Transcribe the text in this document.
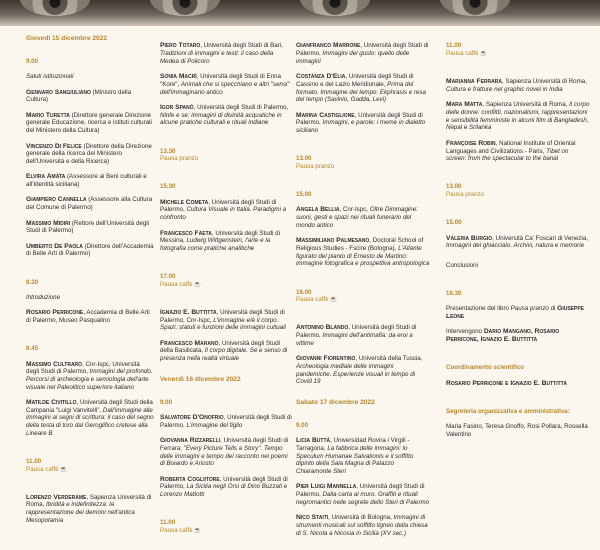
Giovedì 15 dicembre 2022

9.00

Saluti istituzionali

Gennaro Sangiuliano (Ministro della Cultura)

Mario Turetta (Direttore generale Direzione generale Educazione, ricerca e istituti culturali del Ministero della Cultura)

Vincenzo Di Felice (Direttore della Direzione generale della ricerca del Ministero dell'Università e della Ricerca)

Elvira Amata (Assessore ai Beni culturali e all'Identità siciliana)

Giampiero Cannella (Assessore alla Cultura del Comune di Palermo)

Massimo Midiri (Rettore dell'Università degli Studi di Palermo)

Umberto De Paola (Direttore dell'Accademia di Belle Arti di Palermo)

9.30

Introduzione

Rosario Perricone, Accademia di Belle Arti di Palermo, Museo Pasqualino

9.45

Massimo Cultraro, Cnr-Ispc, Università degli Studi di Palermo, Immagini del profondo. Percorsi di archeologia e semiologia dell'arte visuale nel Paleolitico superiore italiano

Matilde Civitillo, Università degli Studi della Campania "Luigi Vanvitelli", Dall'immagine alle immagini ai segni di scrittura: il caso del segno della testa di toro dal Geroglifico cretese alla Lineare B

11.00
Pausa caffè☕

Lorenzo Verderame, Sapienza Università di Roma, Ibridità e indefinitezza: la rappresentazione dei demoni nell'antica Mesopotamia

Piero Totaro, Università degli Studi di Bari, Tradizioni di immagini e testi: il caso della Medea di Policoro

Sonia Macrì, Università degli Studi di Enna "Kore", Animali che si specchiano e altri "sensi" dell'immaginario antico

Igor Spanò, Università degli Studi di Palermo, Ninfe e se: immagini di divinità acquatiche in alcune pratiche culturali e rituali indiane

13.30
Pausa pranzo

15.30

Michele Cometa, Università degli Studi di Palermo, Cultura Visuale in Italia. Paradigmi a confronto

Francesco Faeta, Università degli Studi di Messina, Ludwig Wittgenstein, l'arte e la fotografia come pratiche analitiche

17.00
Pausa caffè☕

Ignazio E. Buttitta, Università degli Studi di Palermo, Cnr-Ispc, L'immagine e/è il corpo. Spazi, statuti e funzioni delle immagini cultuali

Francesco Marano, Università degli Studi della Basilicata, Il corpo digitale. Sé e senso di presenza nella realtà virtuale

Venerdì 16 dicembre 2022

9.00

Salvatore D'Onofrio, Università degli Studi di Palermo, L'immagine del figlio

Giovanna Rizzarelli, Università degli Studi di Ferrara, "Every Picture Tells a Story". Tempo delle immagini e tempo del racconto nei poemi di Boiardo e Ariosto

Roberta Cogliitore, Università degli Studi di Palermo, La Sicilia negli Orsi di Dino Buzzati e Lorenzo Mattotti

11.00
Pausa caffè☕

Gianfranco Marrone, Università degli Studi di Palermo, Immagini del gusto: quello delle immagini

Costanza D'Elia, Università degli Studi di Cassino e del Lazio Meridionale, Prima del formato. Immagine del tempo: Ekphrasis e resa del tempo (Savinio, Gadda, Levi)

Marina Castiglione, Università degli Studi di Palermo, Immagini, e parole: i meme in dialetto siciliano

13.00
Pausa pranzo

15.00

Angela Bellia, Cnr-Ispc, Oltre Dimmagine: suoni, gesti e spazi nei rituali funerario del mondo antico

Massimiliano Palmesano, Doctoral School of Religious Studies - Fscire (Bologna), L'Allante figurato del pianto di Ernesto de Martino: immagine fotografica e prospettiva antropologica

16.00
Pausa caffè☕

Antonino Blando, Università degli Studi di Palermo, Immagini dell'antimafia: da eroi a vittime

Giovanni Fiorentino, Università della Tuscia, Archeologia mediale delle immagini pandemiche. Esperienze visuali in tempo di Covid 19

Sabato 17 dicembre 2022

9.00

Licia Buttà, Universidad Rovira i Virgili - Tarragona, La fabbrica delle immagini: lo Speculum Humanae Salvationis e il soffitto dipinto della Sala Magna di Palazzo Chiaramonte Steri

Pier Luigi Mannella, Università degli Studi di Palermo, Dalla carta al muro. Graffiti e rituali negromantici nelle segrete dello Steri di Palermo

Nico Staiti, Università di Bologna, Immagini di strumenti musicali sul soffitto ligneo della chiesa di S. Nicola a Nicosia in Sicilia (XV sec.)

11.00
Pausa caffè☕

Marianna Ferrara, Sapienza Università di Roma, Cultura e fratture nel graphic novel in India

Mara Matta, Sapienza Università di Roma, Il corpo delle donne: conflitti, nazionalismi, rappresentazioni e sensibilità femministe in alcuni film di Bangladesh, Nepal e Srilanka

Françoise Robin, National Institute of Oriental Languages and Civilizations - Paris, Tibet on screen: from the spectacular to the banal

13.00
Pausa pranzo

15.00

Valeria Burgio, Università Ca' Foscari di Venezia, Immagini del ghiacciaio. Archivi, natura e memorie

Conclusioni

16.30

Presentazione del libro Pausa pranzo di Giuseppe Leone

Intervengono Dario Mangano, Rosario Perricone, Ignazio E. Buttitta

Coordinamento scientifico

Rosario Perricone e Ignazio E. Buttitta

Segreteria organizzativa e amministrativa:

Maria Fasino, Teresa Gnoffo, Rosi Pollara, Rossella Valentino
